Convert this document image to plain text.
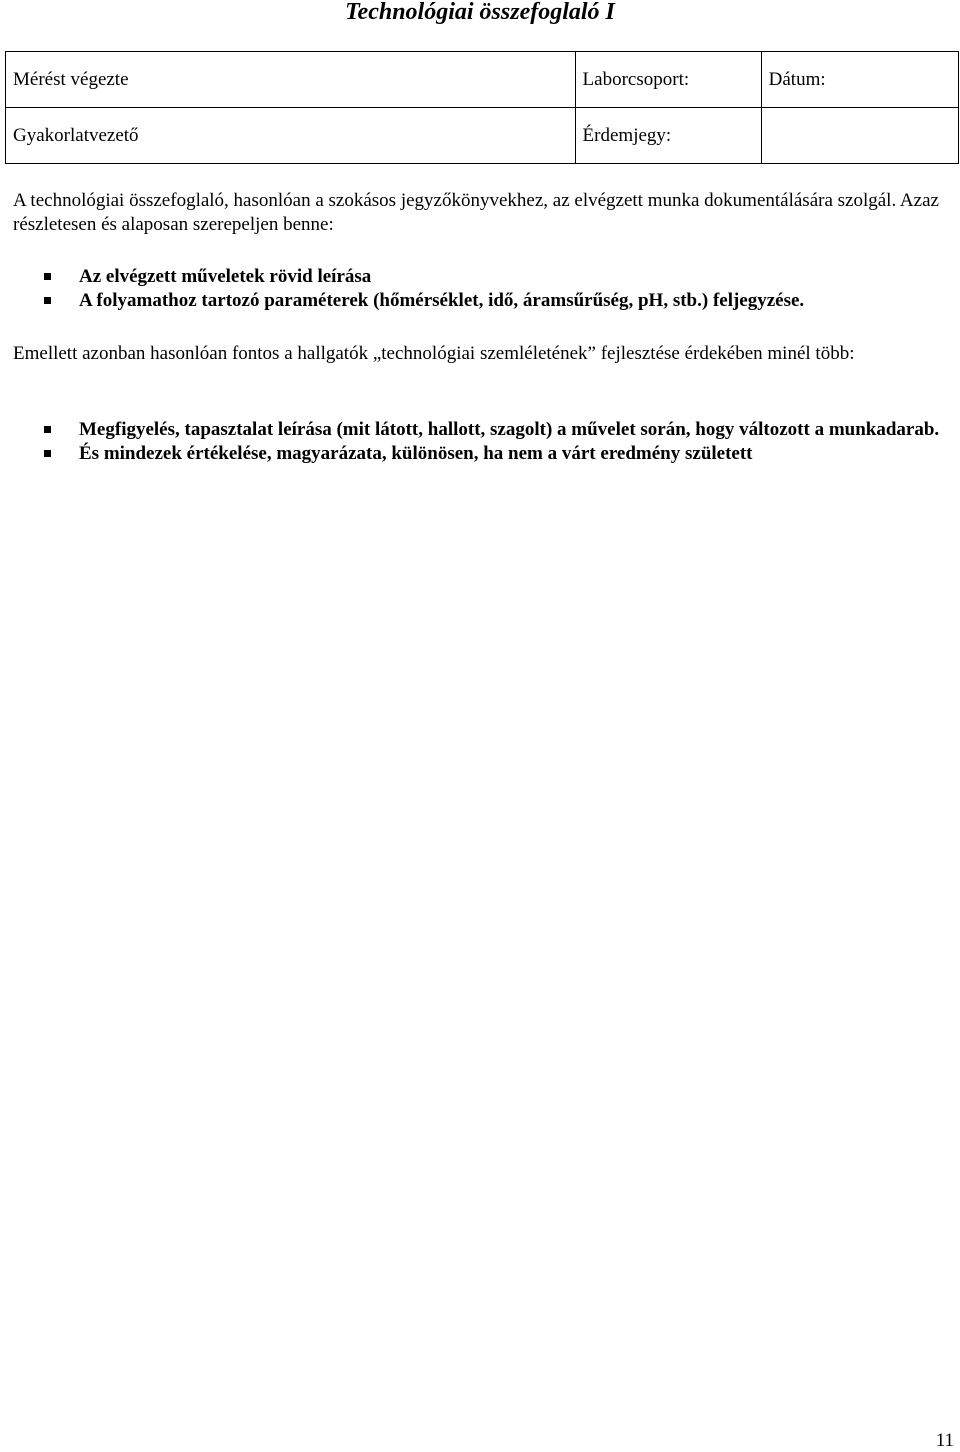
Technológiai összefoglaló I
Mérést végezte		Laborcsoport:	Dátum:
Gyakorlatvezető		Érdemjegy:	

A technológiai összefoglaló, hasonlóan a szokásos jegyzőkönyvekhez, az elvégzett munka dokumentálására szolgál. Azaz részletesen és alaposan szerepeljen benne:

Az elvégzett műveletek rövid leírása
A folyamathoz tartozó paraméterek (hőmérséklet, idő, áramsűrűség, pH, stb.) feljegyzése.

Emellett azonban hasonlóan fontos a hallgatók „technológiai szemléletének” fejlesztése érdekében minél több:

Megfigyelés, tapasztalat leírása (mit látott, hallott, szagolt) a művelet során, hogy változott a munkadarab.
És mindezek értékelése, magyarázata, különösen, ha nem a várt eredmény született
11
